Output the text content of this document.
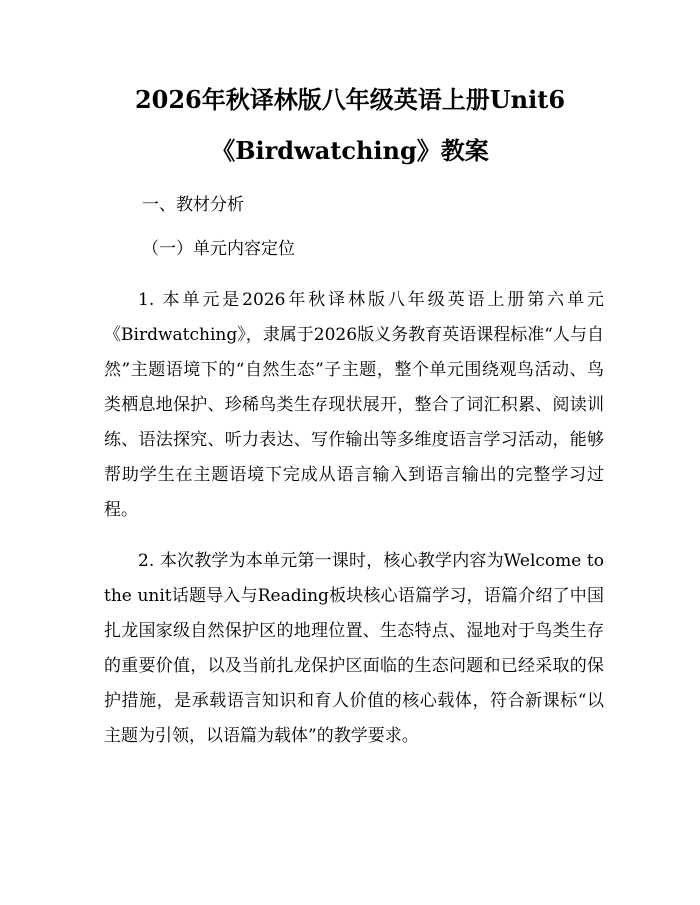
2026年秋译林版八年级英语上册Unit6
《Birdwatching》教案
一、教材分析
（一）单元内容定位

1. 本单元是2026年秋译林版八年级英语上册第六单元《Birdwatching》，隶属于2026版义务教育英语课程标准“人与自然”主题语境下的“自然生态”子主题，整个单元围绕观鸟活动、鸟类栖息地保护、珍稀鸟类生存现状展开，整合了词汇积累、阅读训练、语法探究、听力表达、写作输出等多维度语言学习活动，能够帮助学生在主题语境下完成从语言输入到语言输出的完整学习过程。

2. 本次教学为本单元第一课时，核心教学内容为Welcome to the unit话题导入与Reading板块核心语篇学习，语篇介绍了中国扎龙国家级自然保护区的地理位置、生态特点、湿地对于鸟类生存的重要价值，以及当前扎龙保护区面临的生态问题和已经采取的保护措施，是承载语言知识和育人价值的核心载体，符合新课标“以主题为引领，以语篇为载体”的教学要求。
